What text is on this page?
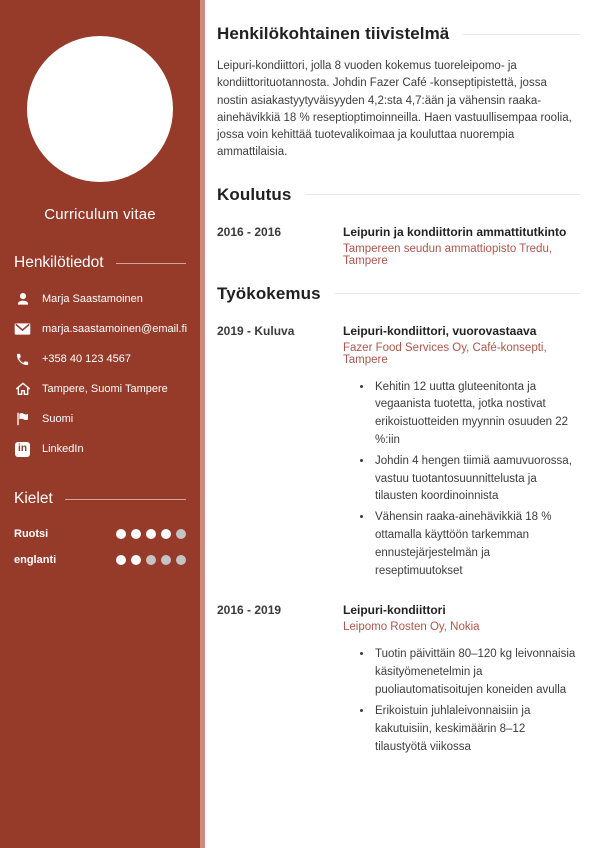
Curriculum vitae
Henkilötiedot
Marja Saastamoinen
marja.saastamoinen@email.fi
+358 40 123 4567
Tampere, Suomi Tampere
Suomi
in LinkedIn
Kielet
Ruotsi
englanti
Henkilökohtainen tiivistelmä

Leipuri-kondiittori, jolla 8 vuoden kokemus tuoreleipomo- ja kondiittorituotannosta. Johdin Fazer Café -konseptipistettä, jossa nostin asiakastyytyväisyyden 4,2:sta 4,7:ään ja vähensin raaka-ainehävikkiä 18 % reseptioptimoinneilla. Haen vastuullisempaa roolia, jossa voin kehittää tuotevalikoimaa ja kouluttaa nuorempia ammattilaisia.

Koulutus
2016 - 2016	Leipurin ja kondiittorin ammattitutkinto
Tampereen seudun ammattiopisto Tredu, Tampere
Työkokemus
2019 - Kuluva	Leipuri-kondiittori, vuorovastaava
Fazer Food Services Oy, Café-konsepti, Tampere
• Kehitin 12 uutta gluteenitonta ja vegaanista tuotetta, jotka nostivat erikoistuotteiden myynnin osuuden 22 %:iin
• Johdin 4 hengen tiimiä aamuvuorossa, vastuu tuotantosuunnittelusta ja tilausten koordinoinnista
• Vähensin raaka-ainehävikkiä 18 % ottamalla käyttöön tarkemman ennustejärjestelmän ja reseptimuutokset
2016 - 2019	Leipuri-kondiittori
Leipomo Rosten Oy, Nokia
• Tuotin päivittäin 80–120 kg leivonnaisia käsityömenetelmin ja puoliautomatisoitujen koneiden avulla
• Erikoistuin juhlaleivonnaisiin ja kakutuisiin, keskimäärin 8–12 tilaustyötä viikossa
